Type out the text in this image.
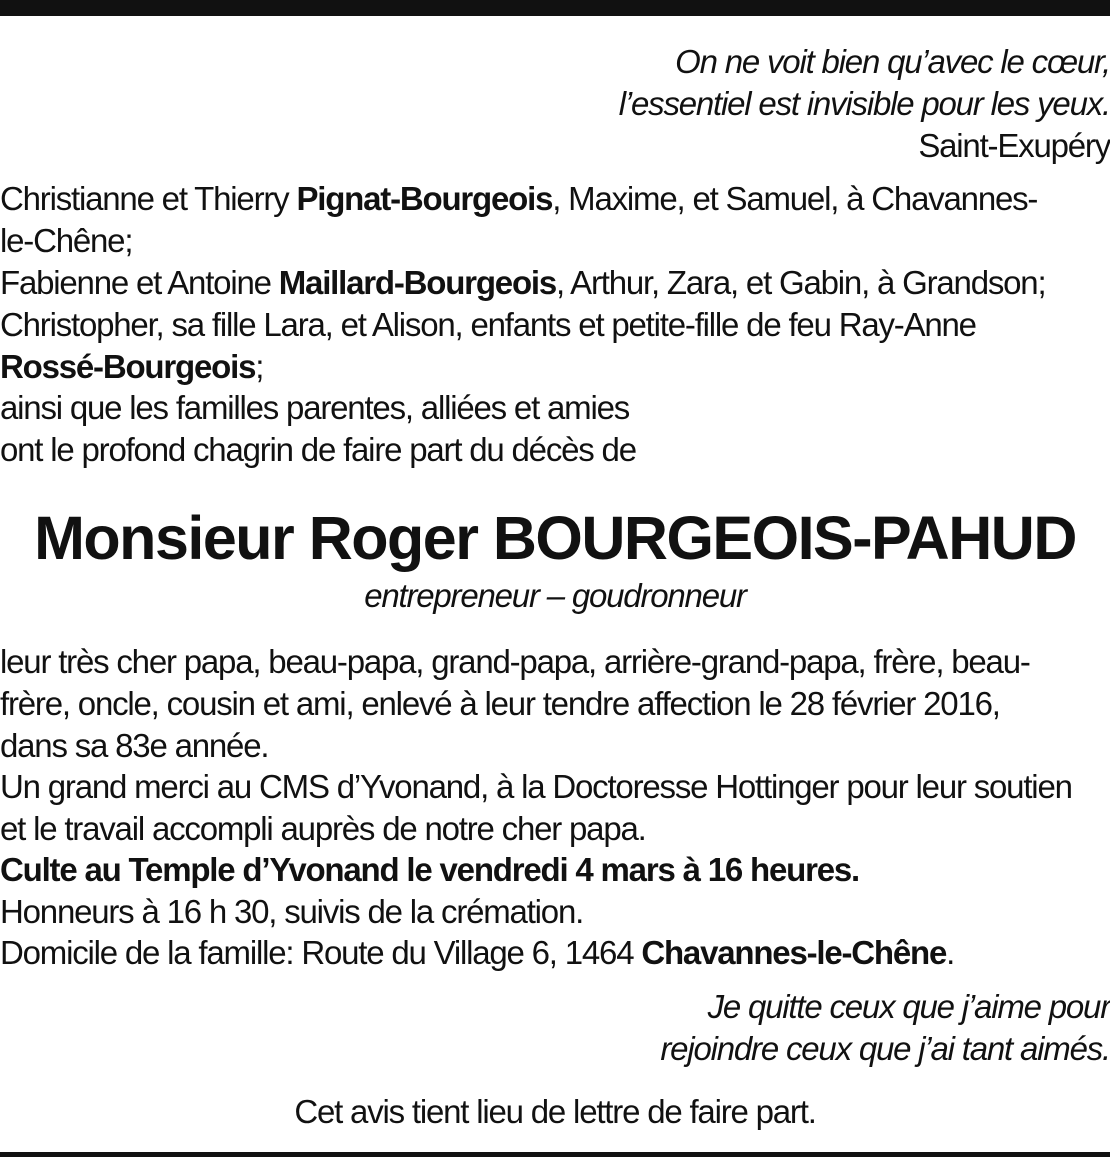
On ne voit bien qu’avec le cœur,
l’essentiel est invisible pour les yeux.
Saint-Exupéry
Christianne et Thierry Pignat-Bourgeois, Maxime, et Samuel, à Chavannes-
le-Chêne;
Fabienne et Antoine Maillard-Bourgeois, Arthur, Zara, et Gabin, à Grandson;
Christopher, sa fille Lara, et Alison, enfants et petite-fille de feu Ray-Anne
Rossé-Bourgeois;
ainsi que les familles parentes, alliées et amies
ont le profond chagrin de faire part du décès de
Monsieur Roger BOURGEOIS-PAHUD
entrepreneur – goudronneur
leur très cher papa, beau-papa, grand-papa, arrière-grand-papa, frère, beau-
frère, oncle, cousin et ami, enlevé à leur tendre affection le 28 février 2016,
dans sa 83e année.
Un grand merci au CMS d’Yvonand, à la Doctoresse Hottinger pour leur soutien
et le travail accompli auprès de notre cher papa.
Culte au Temple d’Yvonand le vendredi 4 mars à 16 heures.
Honneurs à 16 h 30, suivis de la crémation.
Domicile de la famille: Route du Village 6, 1464 Chavannes-le-Chêne.
Je quitte ceux que j’aime pour
rejoindre ceux que j’ai tant aimés.
Cet avis tient lieu de lettre de faire part.
